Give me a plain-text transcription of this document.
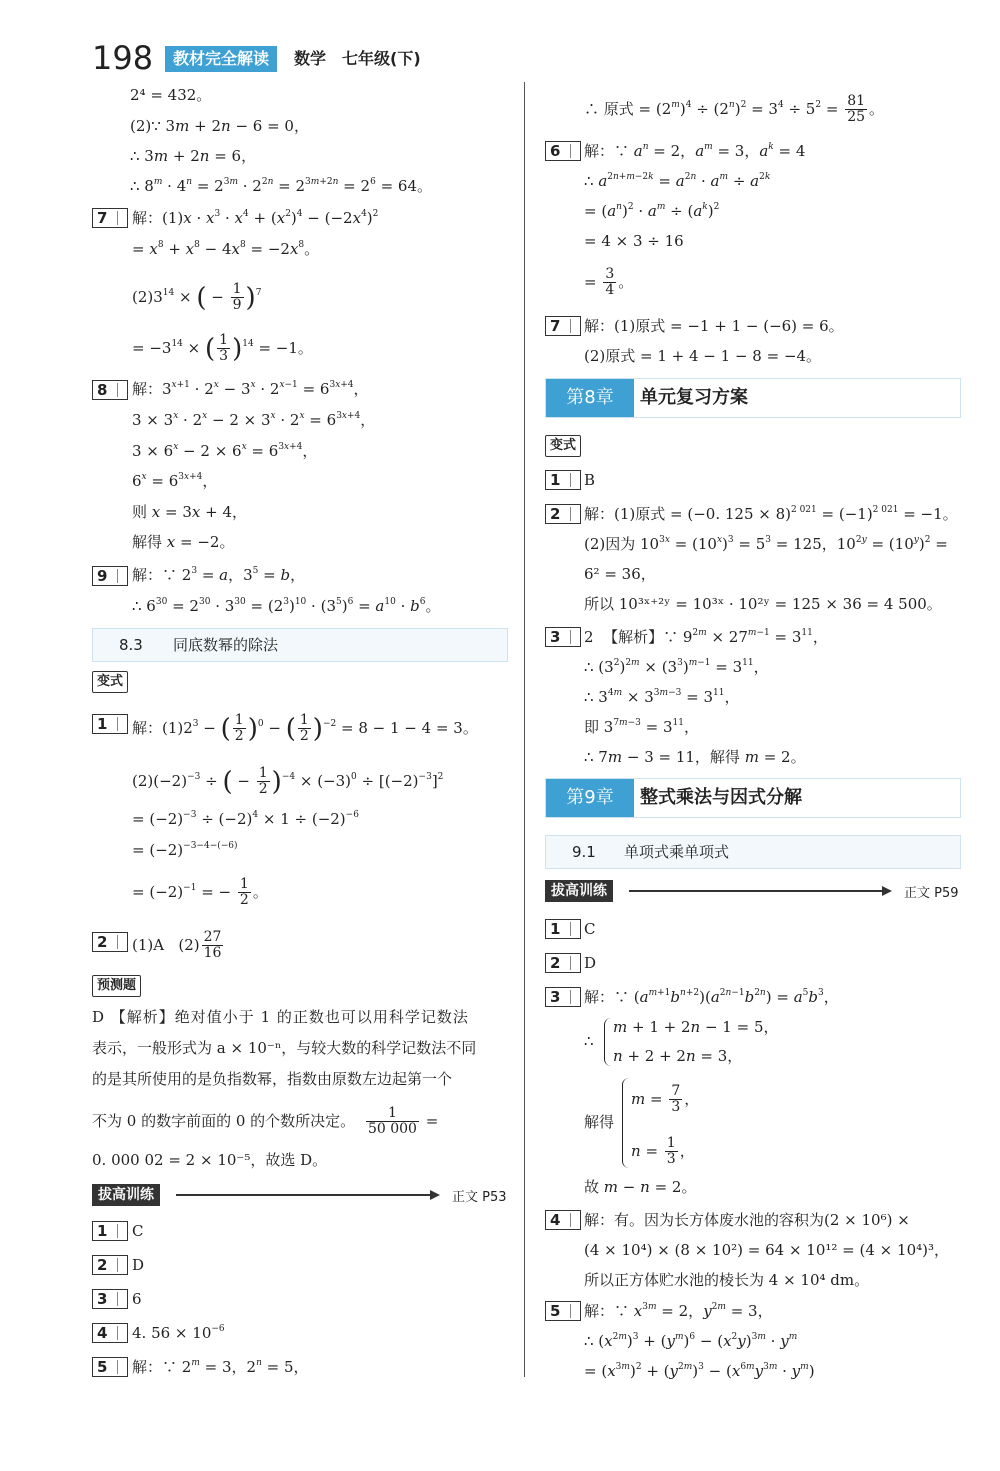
198	教材完全解读	数学 七年级(下)
2⁴ = 432。
(2)∵ 3m + 2n − 6 = 0，
∴ 3m + 2n = 6，
∴ $8^m \cdot 4^n = 2^{3m} \cdot 2^{2n} = 2^{3m+2n} = 2^6 = 64$。
7	解：$(1)x \cdot x^3 \cdot x^4 + (x^2)^4 - (-2x^4)^2$
= $x^8 + x^8 - 4x^8 = -2x^8$。
$(2)3^{14}$ × ( − $\frac{1}{9} )^7$
= $-3^{14}$ × ( $\frac{1}{3} )^{14} = -1$。
8	解：$3^{x+1} \cdot 2^x - 3^x \cdot 2^{x-1} = 6^{3x+4}$，
$3 \times 3^x \cdot 2^x - 2 \times 3^x \cdot 2^x = 6^{3x+4}$，
$3 \times 6^x - 2 \times 6^x = 6^{3x+4}$，
$6^x = 6^{3x+4}$，
则 x = 3x + 4，
解得 x = −2。
9	解：∵ $2^3 = a$，$3^5 = b$，
∴ $6^{30} = 2^{30} \cdot 3^{30} = (2^3)^{10} \cdot (3^5)^6 = a^{10} \cdot b^6$。
8.3 同底数幂的除法
变式
1	解：$(1)2^3$ − ( $\frac{1}{2} )^0$ − ( $\frac{1}{2} )^{-2} = 8 - 1 - 4 = 3$。
$(2)(-2)^{-3}$ ÷ ( − $\frac{1}{2} )^{-4} \times (-3)^0 \div [(-2)^{-3}]^2$
= $(-2)^{-3} \div (-2)^4 \times 1 \div (-2)^{-6}$
= $(-2)^{-3-4-(-6)}$
= $(-2)^{-1}$ = − $\frac{1}{2}$ 。
2	(1)A   $(2) \frac{27}{16}$
预测题
D 【解析】绝对值小于 1 的正数也可以用科学记数法
表示，一般形式为 a × 10⁻ⁿ，与较大数的科学记数法不同
的是其所使用的是负指数幂，指数由原数左边起第一个
不为 0 的数字前面的 0 的个数所决定。 $\frac{1}{50 000}$ =
0. 000 02 = 2 × 10⁻⁵，故选 D。
拔高训练	正文 P53
1	C
2	D
3	6
4	4. $56 \times 10^{-6}$
5	解：∵ $2^m = 3$，$2^n = 5$，
∴ 原式 = $(2^m)^4 \div (2^n)^2 = 3^4 \div 5^2 = \frac{81}{25}$ 。
6	解：∵ $a^n = 2$，$a^m = 3$，$a^k = 4$
∴ $a^{2n+m-2k} = a^{2n} \cdot a^m \div a^{2k}$
= $(a^n)^2 \cdot a^m \div (a^k)^2$
= 4 × 3 ÷ 16
= $\frac{3}{4}$ 。
7	解：(1)原式 = −1 + 1 − (−6) = 6。
(2)原式 = 1 + 4 − 1 − 8 = −4。
第8章	单元复习方案
变式
1	B
2	解：(1)原式 = (−0. $125 \times 8)^{2 021} = (-1)^{2 021} = -1$。
(2)因为 $10^{3x} = (10^x)^3 = 5^3 = 125$，$10^{2y} = (10^y)^2$ =
6² = 36，
所以 10³ˣ⁺²ʸ = 10³ˣ · 10²ʸ = 125 × 36 = 4 500。
3	2  【解析】∵ $9^{2m} \times 27^{m-1} = 3^{11}$，
∴ $(3^2)^{2m} \times (3^3)^{m-1} = 3^{11}$，
∴ $3^{4m} \times 3^{3m-3} = 3^{11}$，
即 $3^{7m-3} = 3^{11}$，
∴ 7m − 3 = 11，解得 m = 2。
第9章	整式乘法与因式分解
9.1 单项式乘单项式
拔高训练	正文 P59
1	C
2	D
3	解：∵ $(a^{m+1}b^{n+2})(a^{2n-1}b^{2n}) = a^5b^3$，
∴
m + 1 + 2n − 1 = 5，
n + 2 + 2n = 3，
解得
$m = \frac{7}{3}$ ，
$n = \frac{1}{3}$ ，
故 m − n = 2。
4	解：有。因为长方体废水池的容积为(2 × 10⁶) ×
(4 × 10⁴) × (8 × 10²) = 64 × 10¹² = (4 × 10⁴)³，
所以正方体贮水池的棱长为 4 × 10⁴ dm。
5	解：∵ $x^{3m} = 2$，$y^{2m} = 3$，
∴ $(x^{2m})^3 + (y^m)^6 - (x^2y)^{3m} \cdot y^m$
= $(x^{3m})^2 + (y^{2m})^3 - (x^{6m}y^{3m} \cdot y^m)$
